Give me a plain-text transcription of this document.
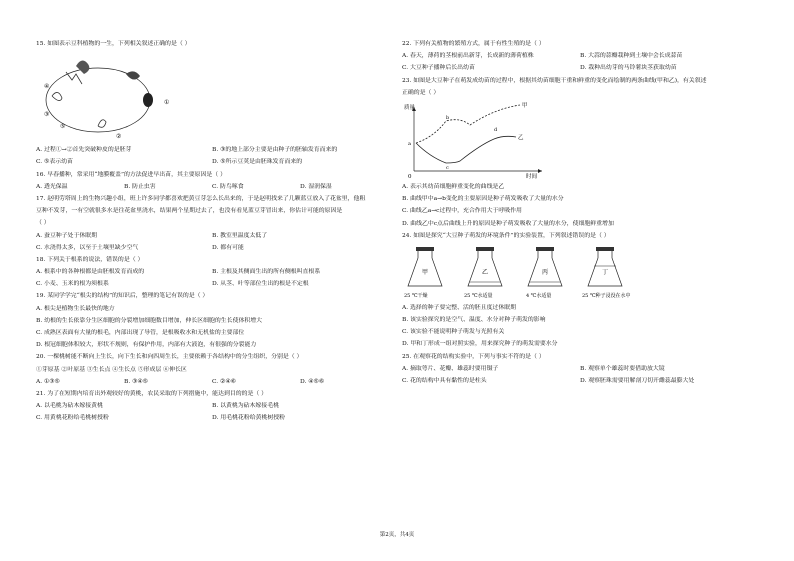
15. 如图表示豆科植物的一生，下列相关叙述正确的是（ ）
①
②
③
④
⑤
A. 过程①→②首先突破种皮的是胚芽	B. ③的地上部分主要是由种子的胚轴发育而来的
C. ⑤表示幼苗	D. ⑤所示豆荚是由胚珠发育而来的
16. 早春播种，常采用“地膜覆盖”的方法促进早出苗，其主要原因是（ ）
A. 透光保温	B. 防止虫害	C. 防鸟啄食	D. 湿润保湿
17. 赵明劳塔周上的生物兴趣小组，班上许多同学都喜欢把黄豆芽怎么长出来的，于是赵明找来了几颗蓝豆放入了花盆里，他粗
豆种不发芽，一有空就很多水是往花盆里浇水，结果两个星期过去了，也没有看见蓝豆芽冒出来，你估计可能的原因是
（ ）
A. 蚕豆种子处于休眠期	B. 教室里温度太低了
C. 水浇得太多，以至于土壤里缺少空气	D. 都有可能
18. 下列关于根系的说法，错误的是（ ）
A. 根系中的各种根都是由胚根发育而成的	B. 主根及其侧面生出的所有侧根叫直根系
C. 小麦、玉米的根为须根系	D. 从茎、叶等部位生出的根是不定根
19. 某同学学完“根尖的结构”的知识后，整理的笔记有误的是（ ）
A. 根尖是植物生长最快的地方
B. 幼根的生长依靠分生区细胞的分裂增加细胞数目增加，伸长区细胞的生长使体积增大
C. 成熟区表面有大量的根毛，内部出现了导管，是根吸收水和无机盐的主要部位
D. 根冠细胞体积较大，形状不规则，有保护作用，内部有大液泡，有很强的分裂能力
20. 一棵桃树能不断向上生长，向下生长和向四周生长，主要依赖于各结构中的分生组织，分别是（ ）
①芽原基 ②叶原基 ③生长点 ④生长点 ⑤形成层 ⑥伸长区
A. ①③⑤	B. ③④⑤	C. ②④⑥	D. ④⑤⑥
21. 为了在短期内培育出外观较好的黄桃，农民采取的下列措施中，能达到目的的是（ ）
A. 以毛桃为砧木嫁接黄桃	B. 以黄桃为砧木嫁接毛桃
C. 用黄桃花粉给毛桃树授粉	D. 用毛桃花粉给黄桃树授粉
22. 下列有关植物的繁殖方式，属于有性生殖的是（ ）
A. 春天，薄荷的茎根前出新芽，长成新的薄荷植株	B. 大蒜的蒜瓣栽种到土壤中会长成蒜苗
C. 大豆种子播种后长出幼苗	D. 栽种出幼芽的马铃薯块茎获取幼苗
23. 如图是大豆种子在萌发成幼苗的过程中，根据其幼苗细胞干重和鲜重的变化而绘制的两条曲线(甲和乙)，有关叙述
正确的是（ ）
质量
时间
0
甲
乙
a
b
c
d
A. 表示其幼苗细胞鲜重变化的曲线是乙
B. 曲线甲中a→b变化的主要原因是种子萌发吸收了大量的水分
C. 曲线乙a→c过程中，充合作用大于呼吸作用
D. 曲线乙中c点后曲线上升的原因是种子萌发吸收了大量的水分，使细胞鲜重增加
24. 如图是探究“大豆种子萌发的环境条件”的实验装置，下列叙述错误的是（ ）
甲
25 ℃干燥
乙
25 ℃水适量
丙
4 ℃水适量
丁
25 ℃种子浸没在水中
A. 选择的种子要完整、活的胚且度过休眠期
B. 该实验探究的是空气、温度、水分对种子萌发的影响
C. 该实验不能说明种子萌发与光照有关
D. 甲和丁形成一组对照实验，用来探究种子的萌发需要水分
25. 在观察花的结构实验中，下列与事实不符的是（ ）
A. 摘取萼片、花瓣、雄蕊时要用镊子	B. 观察单个雄蕊时要借助放大镜
C. 花的结构中具有黏性的是柱头	D. 观察胚珠需要用解剖刀切开雌蕊最膨大处
第2页，共4页
